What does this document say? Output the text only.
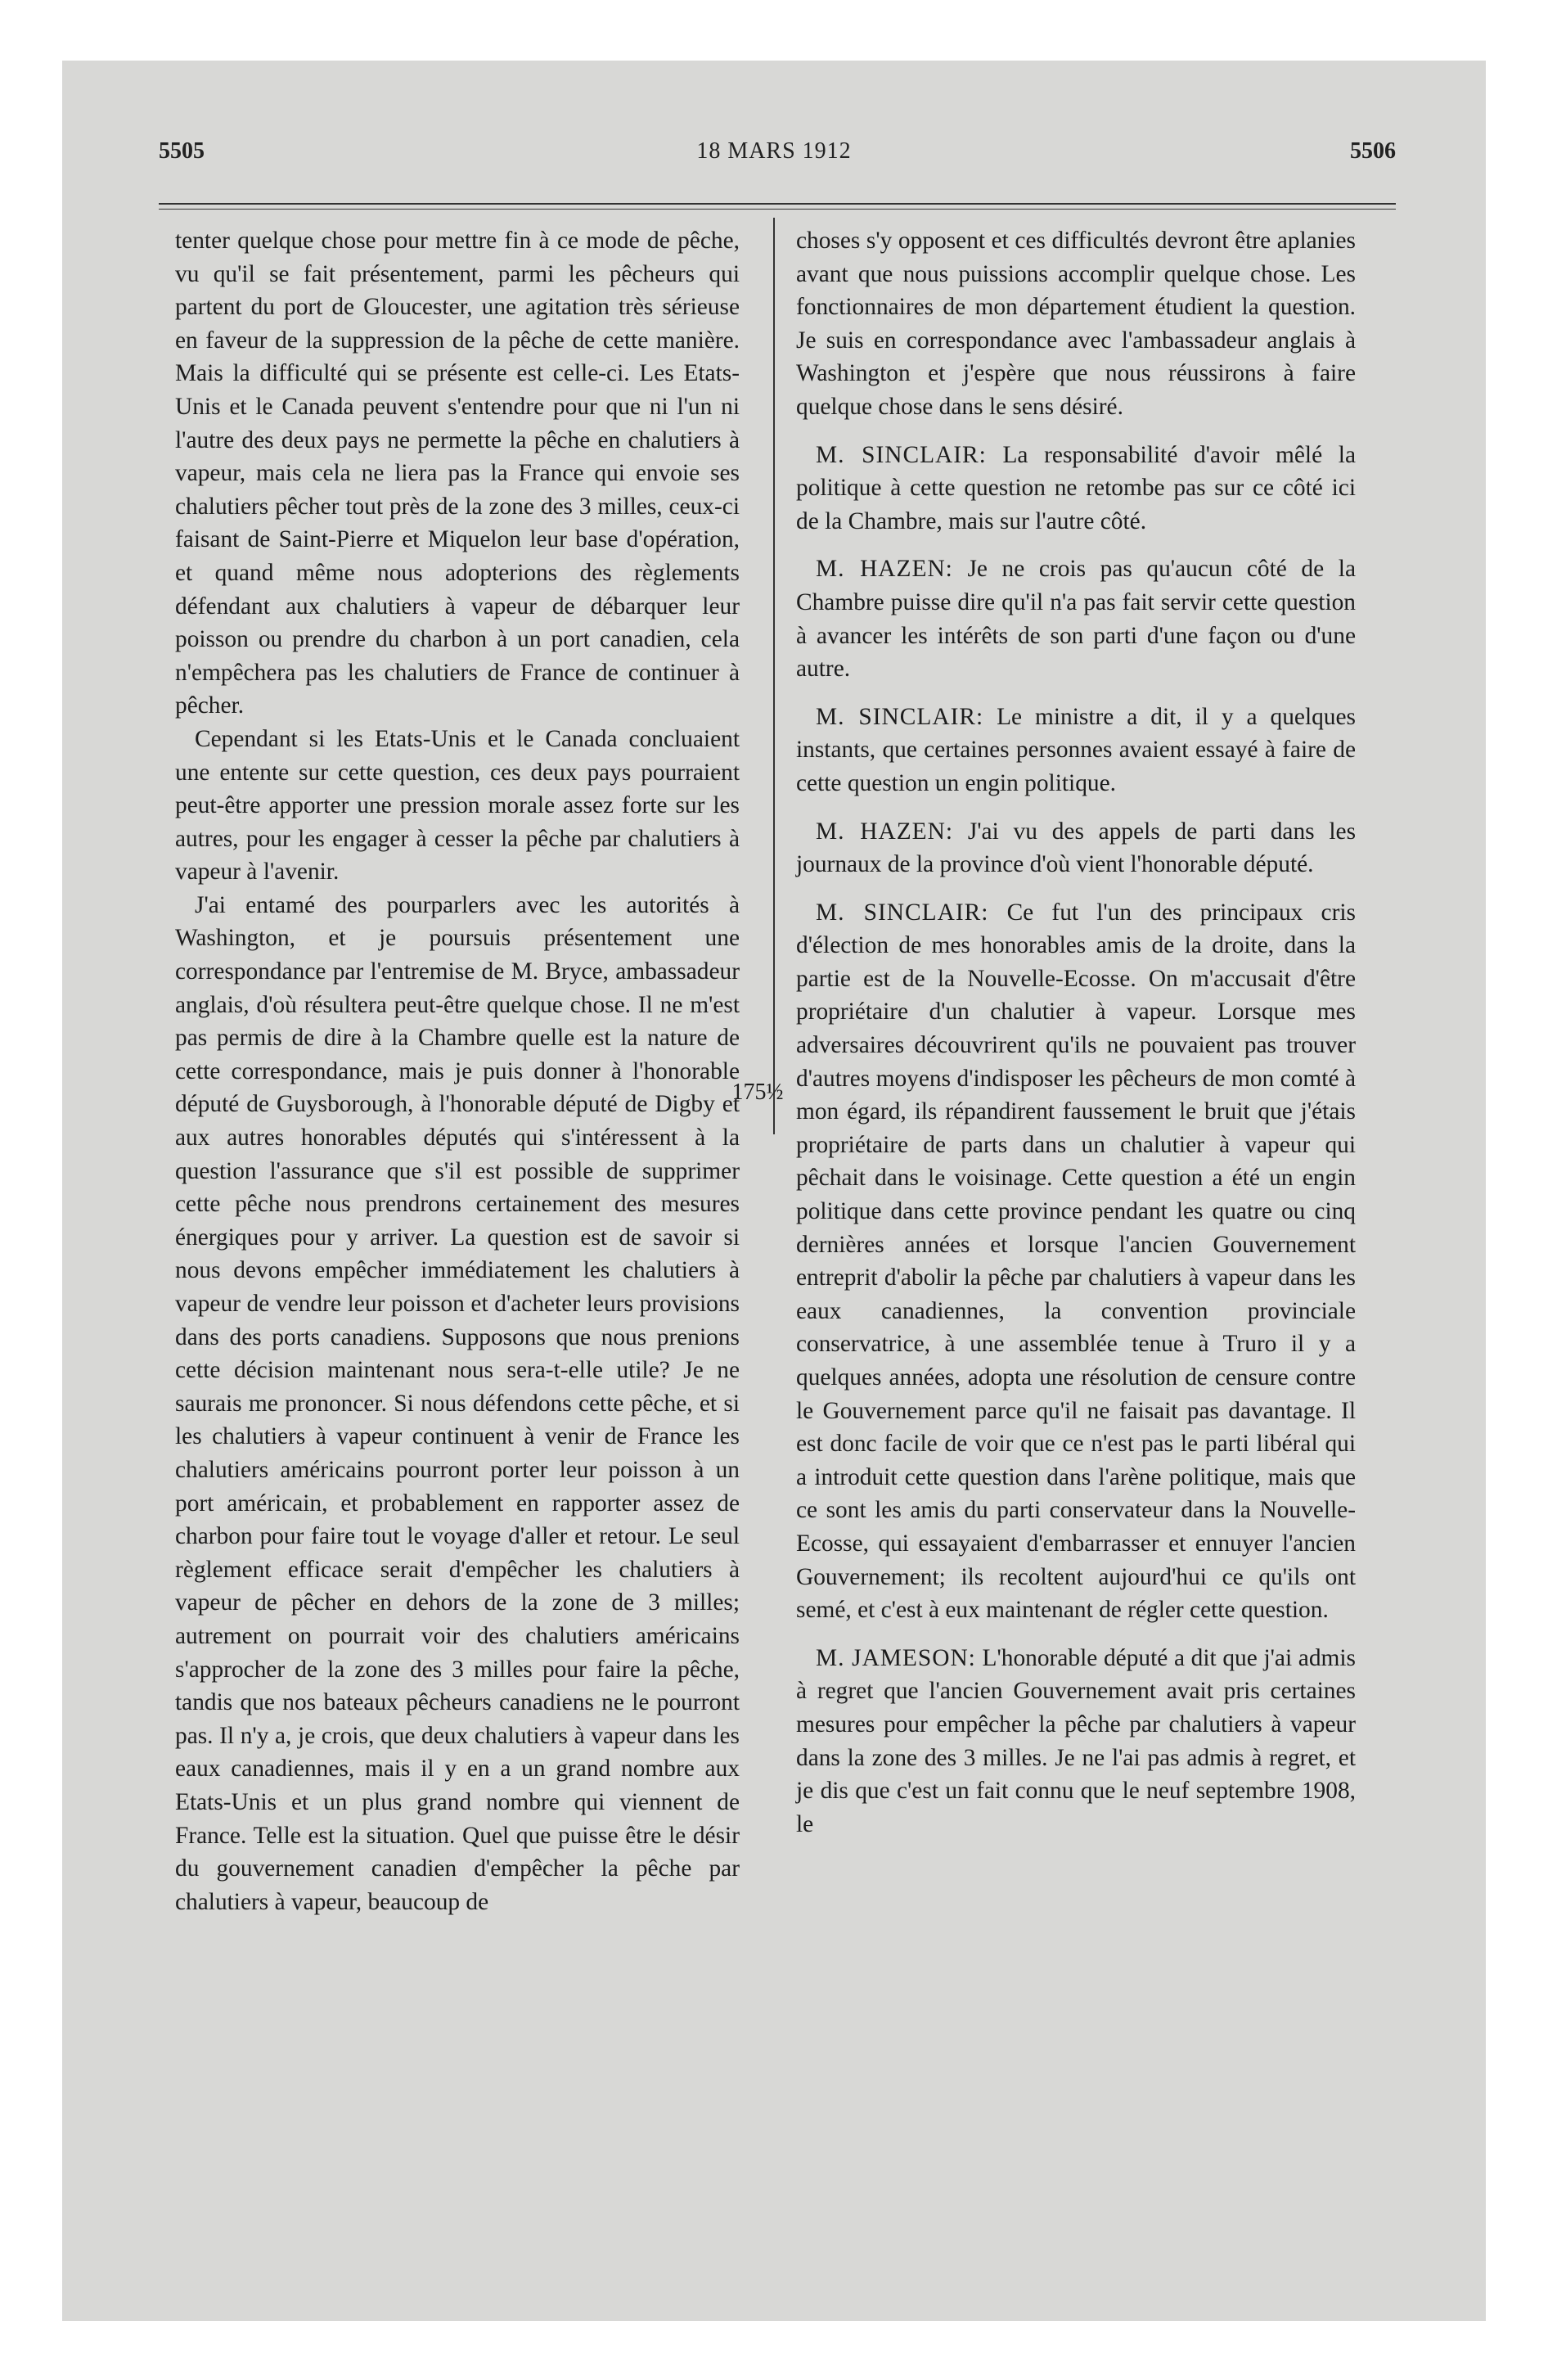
5505	18 MARS 1912	5506

tenter quelque chose pour mettre fin à ce mode de pêche, vu qu'il se fait présentement, parmi les pêcheurs qui partent du port de Gloucester, une agitation très sérieuse en faveur de la suppression de la pêche de cette manière. Mais la difficulté qui se présente est celle-ci. Les Etats-Unis et le Canada peuvent s'entendre pour que ni l'un ni l'autre des deux pays ne permette la pêche en chalutiers à vapeur, mais cela ne liera pas la France qui envoie ses chalutiers pêcher tout près de la zone des 3 milles, ceux-ci faisant de Saint-Pierre et Miquelon leur base d'opération, et quand même nous adopterions des règlements défendant aux chalutiers à vapeur de débarquer leur poisson ou prendre du charbon à un port canadien, cela n'empêchera pas les chalutiers de France de continuer à pêcher.

Cependant si les Etats-Unis et le Canada concluaient une entente sur cette question, ces deux pays pourraient peut-être apporter une pression morale assez forte sur les autres, pour les engager à cesser la pêche par chalutiers à vapeur à l'avenir.

J'ai entamé des pourparlers avec les autorités à Washington, et je poursuis présentement une correspondance par l'entremise de M. Bryce, ambassadeur anglais, d'où résultera peut-être quelque chose. Il ne m'est pas permis de dire à la Chambre quelle est la nature de cette correspondance, mais je puis donner à l'honorable député de Guysborough, à l'honorable député de Digby et aux autres honorables députés qui s'intéressent à la question l'assurance que s'il est possible de supprimer cette pêche nous prendrons certainement des mesures énergiques pour y arriver. La question est de savoir si nous devons empêcher immédiatement les chalutiers à vapeur de vendre leur poisson et d'acheter leurs provisions dans des ports canadiens. Supposons que nous prenions cette décision maintenant nous sera-t-elle utile? Je ne saurais me prononcer. Si nous défendons cette pêche, et si les chalutiers à vapeur continuent à venir de France les chalutiers américains pourront porter leur poisson à un port américain, et probablement en rapporter assez de charbon pour faire tout le voyage d'aller et retour. Le seul règlement efficace serait d'empêcher les chalutiers à vapeur de pêcher en dehors de la zone de 3 milles; autrement on pourrait voir des chalutiers américains s'approcher de la zone des 3 milles pour faire la pêche, tandis que nos bateaux pêcheurs canadiens ne le pourront pas. Il n'y a, je crois, que deux chalutiers à vapeur dans les eaux canadiennes, mais il y en a un grand nombre aux Etats-Unis et un plus grand nombre qui viennent de France. Telle est la situation. Quel que puisse être le désir du gouvernement canadien d'empêcher la pêche par chalutiers à vapeur, beaucoup de

choses s'y opposent et ces difficultés devront être aplanies avant que nous puissions accomplir quelque chose. Les fonctionnaires de mon département étudient la question. Je suis en correspondance avec l'ambassadeur anglais à Washington et j'espère que nous réussirons à faire quelque chose dans le sens désiré.

M. SINCLAIR: La responsabilité d'avoir mêlé la politique à cette question ne retombe pas sur ce côté ici de la Chambre, mais sur l'autre côté.

M. HAZEN: Je ne crois pas qu'aucun côté de la Chambre puisse dire qu'il n'a pas fait servir cette question à avancer les intérêts de son parti d'une façon ou d'une autre.

M. SINCLAIR: Le ministre a dit, il y a quelques instants, que certaines personnes avaient essayé à faire de cette question un engin politique.

M. HAZEN: J'ai vu des appels de parti dans les journaux de la province d'où vient l'honorable député.

M. SINCLAIR: Ce fut l'un des principaux cris d'élection de mes honorables amis de la droite, dans la partie est de la Nouvelle-Ecosse. On m'accusait d'être propriétaire d'un chalutier à vapeur. Lorsque mes adversaires découvrirent qu'ils ne pouvaient pas trouver d'autres moyens d'indisposer les pêcheurs de mon comté à mon égard, ils répandirent faussement le bruit que j'étais propriétaire de parts dans un chalutier à vapeur qui pêchait dans le voisinage. Cette question a été un engin politique dans cette province pendant les quatre ou cinq dernières années et lorsque l'ancien Gouvernement entreprit d'abolir la pêche par chalutiers à vapeur dans les eaux canadiennes, la convention provinciale conservatrice, à une assemblée tenue à Truro il y a quelques années, adopta une résolution de censure contre le Gouvernement parce qu'il ne faisait pas davantage. Il est donc facile de voir que ce n'est pas le parti libéral qui a introduit cette question dans l'arène politique, mais que ce sont les amis du parti conservateur dans la Nouvelle-Ecosse, qui essayaient d'embarrasser et ennuyer l'ancien Gouvernement; ils recoltent aujourd'hui ce qu'ils ont semé, et c'est à eux maintenant de régler cette question.

M. JAMESON: L'honorable député a dit que j'ai admis à regret que l'ancien Gouvernement avait pris certaines mesures pour empêcher la pêche par chalutiers à vapeur dans la zone des 3 milles. Je ne l'ai pas admis à regret, et je dis que c'est un fait connu que le neuf septembre 1908, le

175½
